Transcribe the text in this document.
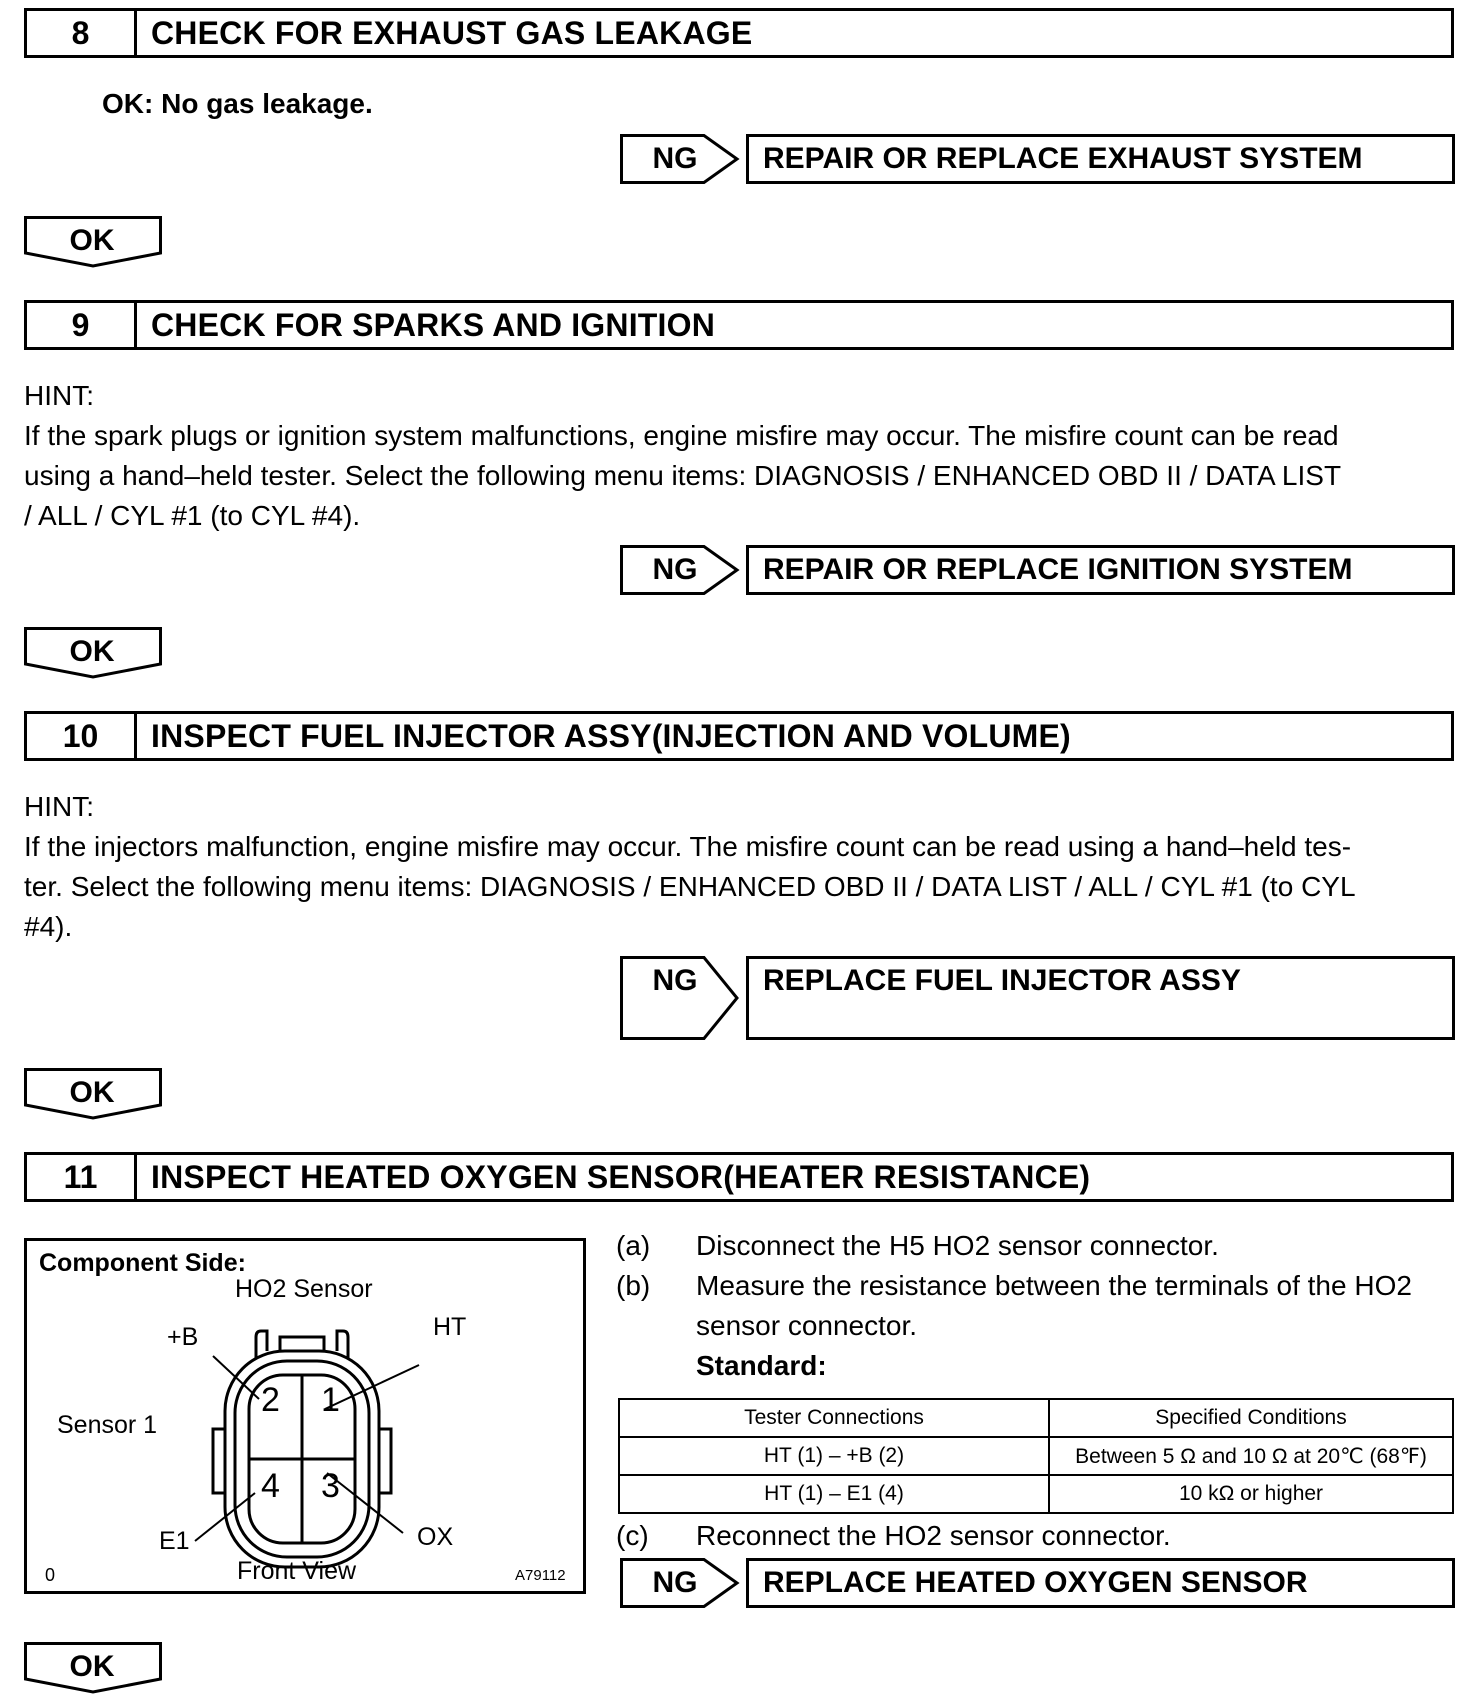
8	CHECK FOR EXHAUST GAS LEAKAGE
OK: No gas leakage.
NG	REPAIR OR REPLACE EXHAUST SYSTEM
OK
9	CHECK FOR SPARKS AND IGNITION
HINT:
If the spark plugs or ignition system malfunctions, engine misfire may occur. The misfire count can be read
using a hand–held tester. Select the following menu items: DIAGNOSIS / ENHANCED OBD II / DATA LIST
/ ALL / CYL #1 (to CYL #4).
NG	REPAIR OR REPLACE IGNITION SYSTEM
OK
10	INSPECT FUEL INJECTOR ASSY(INJECTION AND VOLUME)
HINT:
If the injectors malfunction, engine misfire may occur. The misfire count can be read using a hand–held tes-
ter. Select the following menu items: DIAGNOSIS / ENHANCED OBD II / DATA LIST / ALL / CYL #1 (to CYL
#4).
NG	REPLACE FUEL INJECTOR ASSY
OK
11	INSPECT HEATED OXYGEN SENSOR(HEATER RESISTANCE)
Component Side:
HO2 Sensor
+B	HT
Sensor 1
2 1
4 3
E1	OX
Front View
0	A79112
(a) Disconnect the H5 HO2 sensor connector.
(b) Measure the resistance between the terminals of the HO2
sensor connector.
Standard:
(c) Reconnect the HO2 sensor connector.
Tester Connections	Specified Conditions
HT (1) – +B (2)	Between 5 Ω and 10 Ω at 20℃ (68℉)
HT (1) – E1 (4)	10 kΩ or higher
NG	REPLACE HEATED OXYGEN SENSOR
OK
